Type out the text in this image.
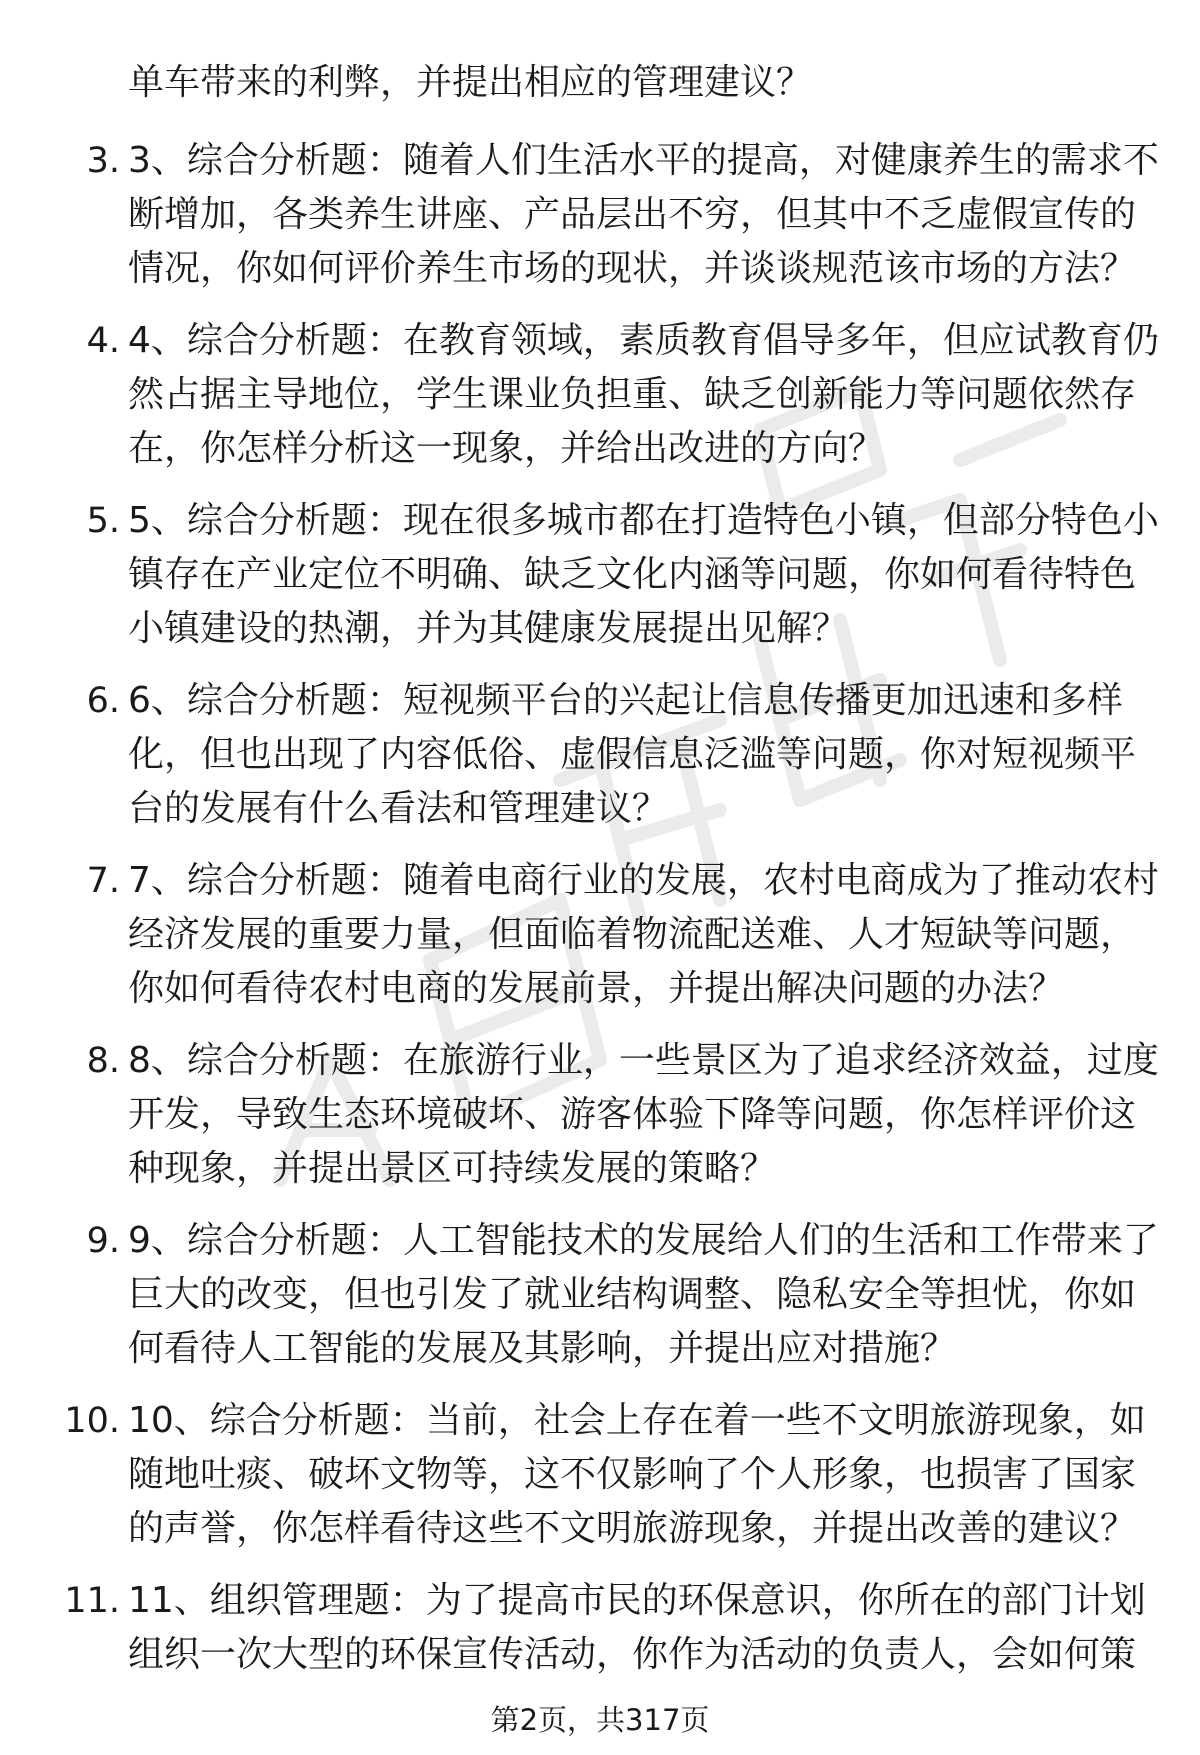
单车带来的利弊，并提出相应的管理建议？
3. 3、综合分析题：随着人们生活水平的提高，对健康养生的需求不
断增加，各类养生讲座、产品层出不穷，但其中不乏虚假宣传的
情况，你如何评价养生市场的现状，并谈谈规范该市场的方法？
4. 4、综合分析题：在教育领域，素质教育倡导多年，但应试教育仍
然占据主导地位，学生课业负担重、缺乏创新能力等问题依然存
在，你怎样分析这一现象，并给出改进的方向？
5. 5、综合分析题：现在很多城市都在打造特色小镇，但部分特色小
镇存在产业定位不明确、缺乏文化内涵等问题，你如何看待特色
小镇建设的热潮，并为其健康发展提出见解？
6. 6、综合分析题：短视频平台的兴起让信息传播更加迅速和多样
化，但也出现了内容低俗、虚假信息泛滥等问题，你对短视频平
台的发展有什么看法和管理建议？
7. 7、综合分析题：随着电商行业的发展，农村电商成为了推动农村
经济发展的重要力量，但面临着物流配送难、人才短缺等问题，
你如何看待农村电商的发展前景，并提出解决问题的办法？
8. 8、综合分析题：在旅游行业，一些景区为了追求经济效益，过度
开发，导致生态环境破坏、游客体验下降等问题，你怎样评价这
种现象，并提出景区可持续发展的策略？
9. 9、综合分析题：人工智能技术的发展给人们的生活和工作带来了
巨大的改变，但也引发了就业结构调整、隐私安全等担忧，你如
何看待人工智能的发展及其影响，并提出应对措施？
10. 10、综合分析题：当前，社会上存在着一些不文明旅游现象，如
随地吐痰、破坏文物等，这不仅影响了个人形象，也损害了国家
的声誉，你怎样看待这些不文明旅游现象，并提出改善的建议？
11. 11、组织管理题：为了提高市民的环保意识，你所在的部门计划
组织一次大型的环保宣传活动，你作为活动的负责人，会如何策
第2页，共317页
